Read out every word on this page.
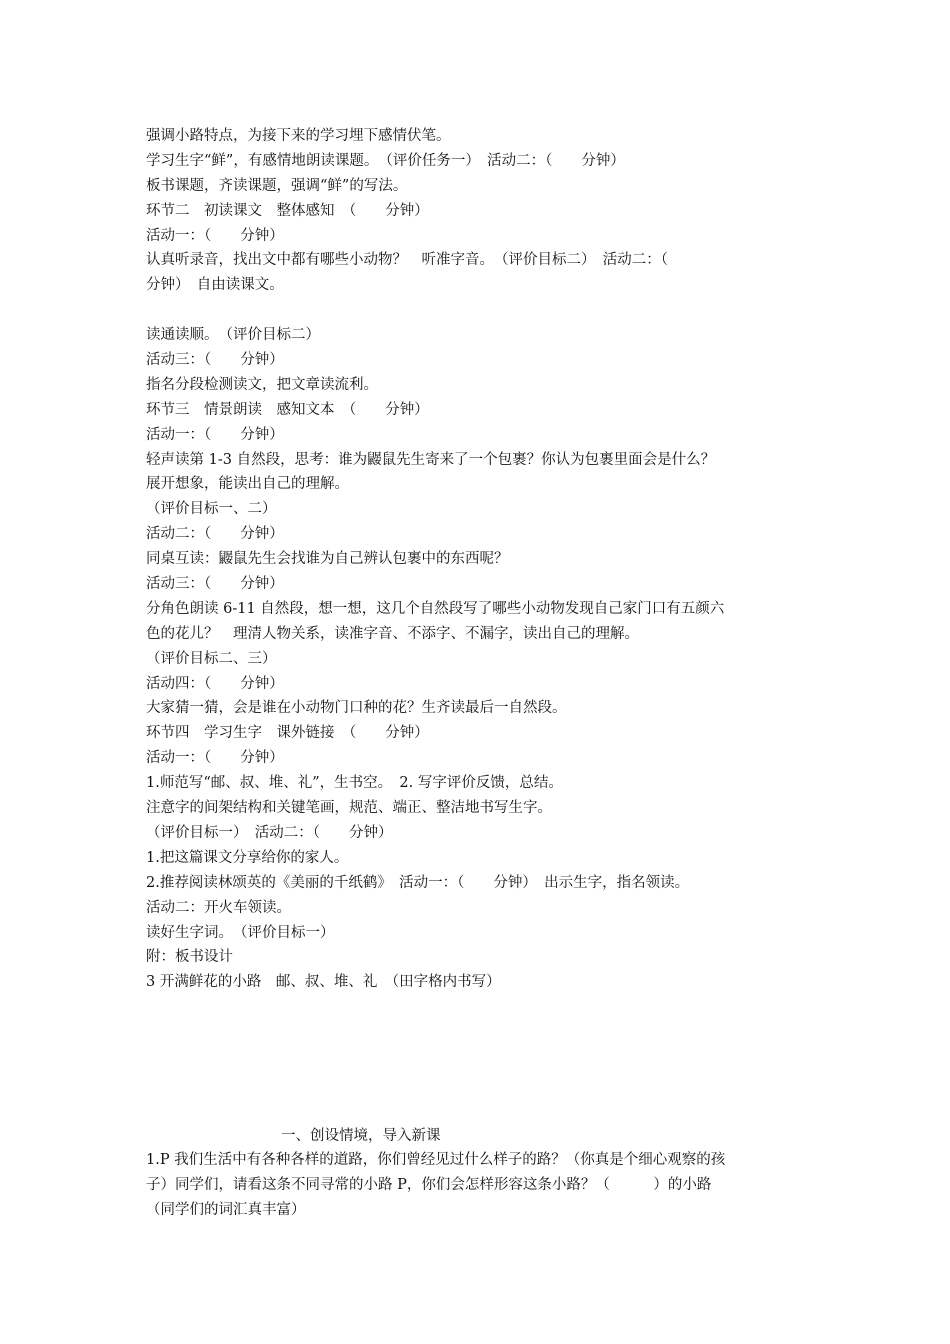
强调小路特点，为接下来的学习埋下感情伏笔。
学习生字“鲜”，有感情地朗读课题。　（评价任务一）　活动二：（　　分钟）
板书课题，齐读课题，强调“鲜”的写法。
环节二　初读课文　整体感知　（　　分钟）
活动一：（　　分钟）
认真听录音，找出文中都有哪些小动物？　听准字音。　（评价目标二）　活动二：（
分钟）　自由读课文。
读通读顺。　（评价目标二）
活动三：（　　分钟）
指名分段检测读文，把文章读流利。
环节三　情景朗读　感知文本　（　　分钟）
活动一：（　　分钟）
轻声读第 1-3 自然段，思考：谁为鼹鼠先生寄来了一个包裹？你认为包裹里面会是什么？
展开想象，能读出自己的理解。
（评价目标一、二）
活动二：（　　分钟）
同桌互读：鼹鼠先生会找谁为自己辨认包裹中的东西呢？
活动三：（　　分钟）
分角色朗读 6-11 自然段，想一想，这几个自然段写了哪些小动物发现自己家门口有五颜六
色的花儿？　理清人物关系，读准字音、不添字、不漏字，读出自己的理解。
（评价目标二、三）
活动四：（　　分钟）
大家猜一猜，会是谁在小动物门口种的花？生齐读最后一自然段。
环节四　学习生字　课外链接　（　　分钟）
活动一：（　　分钟）
1.师范写“邮、叔、堆、礼”，生书空。　2. 写字评价反馈，总结。
注意字的间架结构和关键笔画，规范、端正、整洁地书写生字。
（评价目标一）　活动二：（　　分钟）
1.把这篇课文分享给你的家人。
2.推荐阅读林颂英的《美丽的千纸鹤》　活动一：（　　分钟）　出示生字，指名领读。
活动二：开火车领读。
读好生字词。　（评价目标一）
附：板书设计
3 开满鲜花的小路　邮、叔、堆、礼　（田字格内书写）
一、创设情境，导入新课
1.P 我们生活中有各种各样的道路，你们曾经见过什么样子的路？（你真是个细心观察的孩
子）同学们，请看这条不同寻常的小路 P，你们会怎样形容这条小路？（　　　）的小路
（同学们的词汇真丰富）
